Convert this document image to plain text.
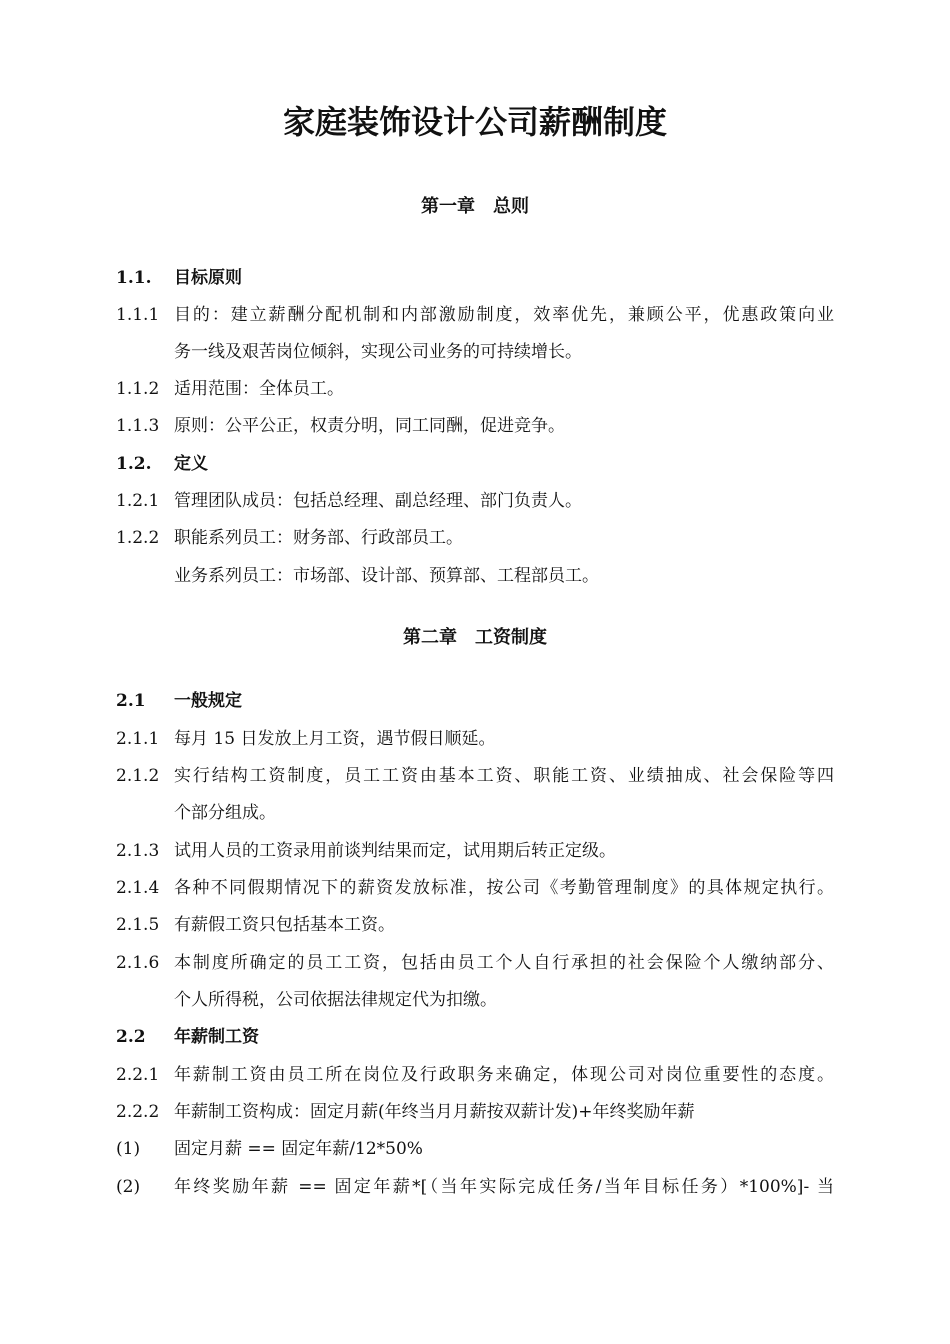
家庭装饰设计公司薪酬制度
第一章　总则
1.1. 目标原则
1.1.1 目的：建立薪酬分配机制和内部激励制度，效率优先，兼顾公平，优惠政策向业
务一线及艰苦岗位倾斜，实现公司业务的可持续增长。
1.1.2 适用范围：全体员工。
1.1.3 原则：公平公正，权责分明，同工同酬，促进竞争。
1.2. 定义
1.2.1 管理团队成员：包括总经理、副总经理、部门负责人。
1.2.2 职能系列员工：财务部、行政部员工。
业务系列员工：市场部、设计部、预算部、工程部员工。
第二章　工资制度
2.1 一般规定
2.1.1 每月 15 日发放上月工资，遇节假日顺延。
2.1.2 实行结构工资制度，员工工资由基本工资、职能工资、业绩抽成、社会保险等四
个部分组成。
2.1.3 试用人员的工资录用前谈判结果而定，试用期后转正定级。
2.1.4 各种不同假期情况下的薪资发放标准，按公司《考勤管理制度》的具体规定执行。
2.1.5 有薪假工资只包括基本工资。
2.1.6 本制度所确定的员工工资，包括由员工个人自行承担的社会保险个人缴纳部分、
个人所得税，公司依据法律规定代为扣缴。
2.2 年薪制工资
2.2.1 年薪制工资由员工所在岗位及行政职务来确定，体现公司对岗位重要性的态度。
2.2.2 年薪制工资构成：固定月薪(年终当月月薪按双薪计发)+年终奖励年薪
(1) 固定月薪 == 固定年薪/12*50%
(2) 年终奖励年薪 == 固定年薪*[（当年实际完成任务/当年目标任务）*100%]- 当
